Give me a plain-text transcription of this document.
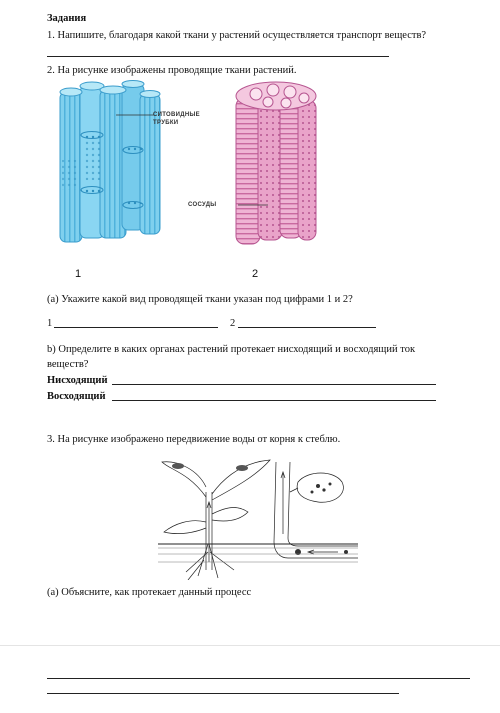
Задания
1. Напишите, благодаря какой ткани у растений осуществляется транспорт веществ?
2. На рисунке изображены проводящие ткани растений.
СИТОВИДНЫЕ
ТРУБКИ
СОСУДЫ
1	2
(а) Укажите какой вид проводящей ткани указан под цифрами 1 и 2?
1	2
b) Определите в каких органах растений протекает нисходящий и восходящий ток
веществ?
Нисходящий
Восходящий
3. На рисунке изображено передвижение воды от корня к стеблю.
(а) Объясните, как протекает данный процесс
